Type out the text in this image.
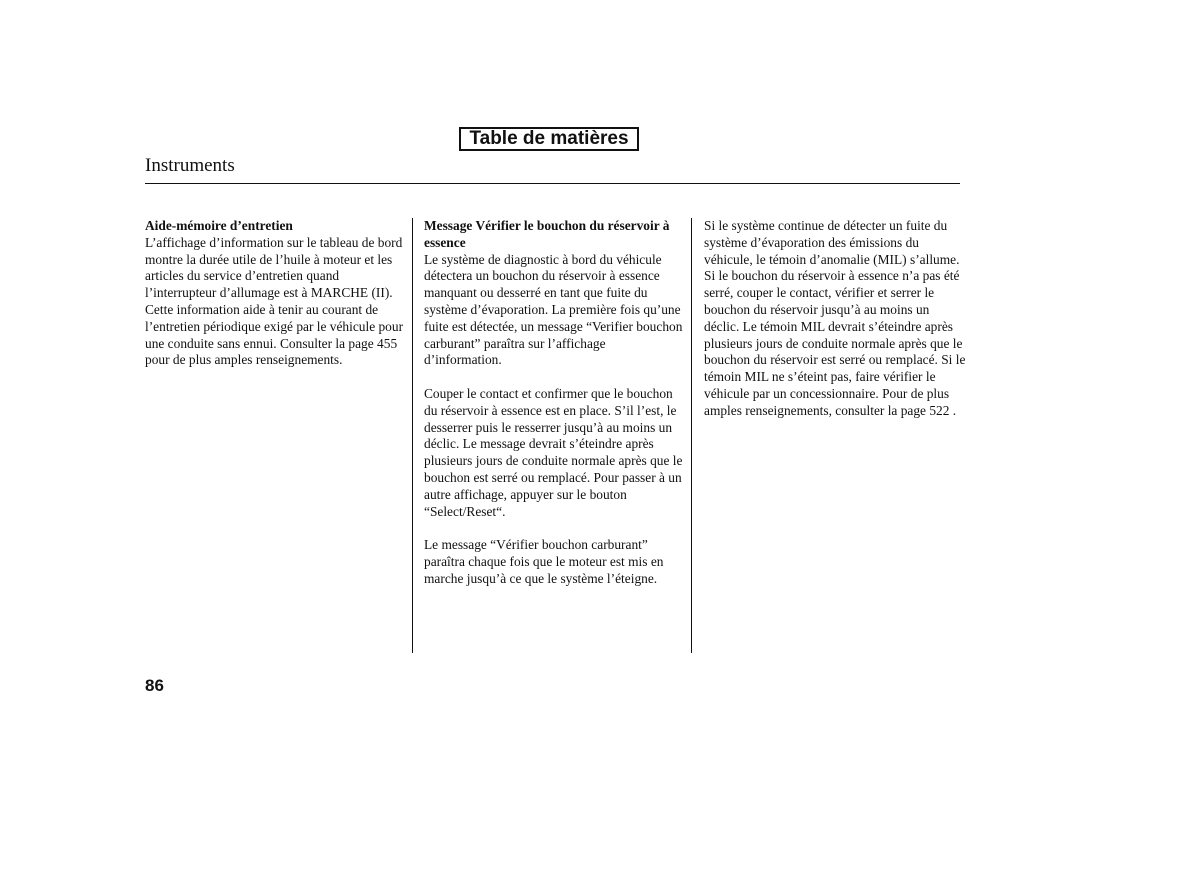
Table de matières
Instruments
Aide-mémoire d’entretien

L’affichage d’information sur le tableau de bord montre la durée utile de l’huile à moteur et les articles du service d’entretien quand l’interrupteur d’allumage est à MARCHE (II). Cette information aide à tenir au courant de l’entretien périodique exigé par le véhicule pour une conduite sans ennui. Consulter la page 455 pour de plus amples renseignements.

Message Vérifier le bouchon du réservoir à essence

Le système de diagnostic à bord du véhicule détectera un bouchon du réservoir à essence manquant ou desserré en tant que fuite du système d’évaporation. La première fois qu’une fuite est détectée, un message “Verifier bouchon carburant” paraîtra sur l’affichage d’information.

Couper le contact et confirmer que le bouchon du réservoir à essence est en place. S’il l’est, le desserrer puis le resserrer jusqu’à au moins un déclic. Le message devrait s’éteindre après plusieurs jours de conduite normale après que le bouchon est serré ou remplacé. Pour passer à un autre affichage, appuyer sur le bouton “Select/Reset“.

Le message “Vérifier bouchon carburant” paraîtra chaque fois que le moteur est mis en marche jusqu’à ce que le système l’éteigne.

Si le système continue de détecter un fuite du système d’évaporation des émissions du véhicule, le témoin d’anomalie (MIL) s’allume. Si le bouchon du réservoir à essence n’a pas été serré, couper le contact, vérifier et serrer le bouchon du réservoir jusqu’à au moins un déclic. Le témoin MIL devrait s’éteindre après plusieurs jours de conduite normale après que le bouchon du réservoir est serré ou remplacé. Si le témoin MIL ne s’éteint pas, faire vérifier le véhicule par un concessionnaire. Pour de plus amples renseignements, consulter la page 522 .

86
